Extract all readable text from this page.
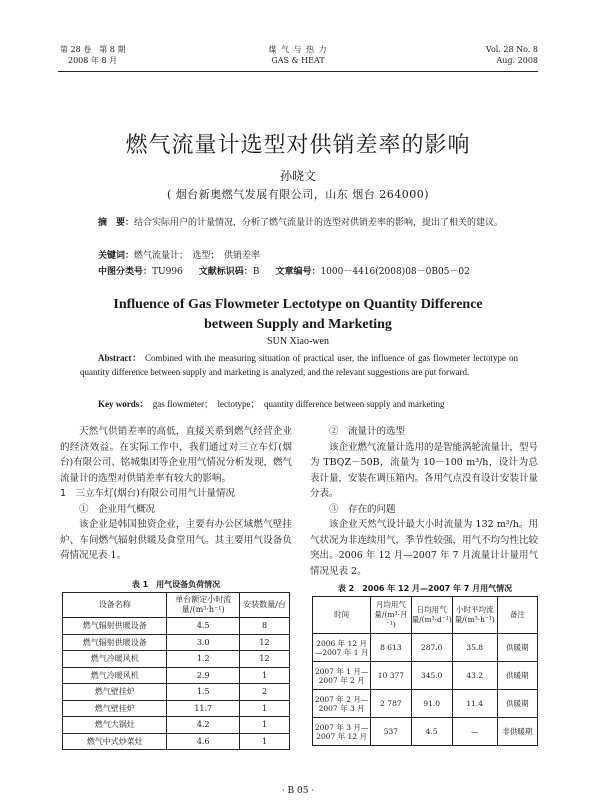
第 28 卷　第 8 期
2008 年 8 月
煤 气 与 热 力
GAS & HEAT
Vol. 28 No. 8
Aug. 2008
燃气流量计选型对供销差率的影响
孙晓文
( 烟台新奥燃气发展有限公司，山东 烟台 264000)
摘　要：结合实际用户的计量情况，分析了燃气流量计的选型对供销差率的影响，提出了相关的建议。
关键词：燃气流量计；　选型；　供销差率
中图分类号：TU996 文献标识码：B 文章编号：1000－4416(2008)08－0B05－02
Influence of Gas Flowmeter Lectotype on Quantity Difference
between Supply and Marketing
SUN Xiao-wen
Abstract： Combined with the measuring situation of practical user, the influence of gas flowmeter lectotype on quantity difference between supply and marketing is analyzed, and the relevant suggestions are put forward.
Key words： gas flowmeter；　lectotype；　quantity difference between supply and marketing

天然气供销差率的高低，直接关系到燃气经营企业的经济效益。在实际工作中，我们通过对三立车灯(烟台)有限公司、铭城集团等企业用气情况分析发现，燃气流量计的选型对供销差率有较大的影响。

1　三立车灯(烟台)有限公司用气计量情况

①　企业用气概况

该企业是韩国独资企业，主要有办公区域燃气壁挂炉、车间燃气辐射供暖及食堂用气。其主要用气设备负荷情况见表 1。

表 1　用气设备负荷情况
设备名称	单台额定小时流量/(m³·h⁻¹)	安装数量/台
燃气辐射供暖设备	4.5	8
燃气辐射供暖设备	3.0	12
燃气冷暖风机	1.2	12
燃气冷暖风机	2.9	1
燃气壁挂炉	1.5	2
燃气壁挂炉	11.7	1
燃气大锅灶	4.2	1
燃气中式炒菜灶	4.6	1

②　流量计的选型

该企业燃气流量计选用的是智能涡轮流量计，型号为 TBQZ－50B，流量为 10－100 m³/h，设计为总表计量，安装在调压箱内。各用气点没有设计安装计量分表。

③　存在的问题

该企业天然气设计最大小时流量为 132 m³/h。用气状况为非连续用气，季节性较强，用气不均匀性比较突出。2006 年 12 月—2007 年 7 月流量计计量用气情况见表 2。

表 2　2006 年 12 月—2007 年 7 月用气情况
时间	月均用气量/(m³·月⁻¹)	日均用气量/(m³·d⁻¹)	小时平均流量/(m³·h⁻¹)	备注
2006 年 12 月—2007 年 1 月	8 613	287.0	35.8	供暖期
2007 年 1 月—2007 年 2 月	10 377	345.0	43.2	供暖期
2007 年 2 月—2007 年 3 月	2 787	91.0	11.4	供暖期
2007 年 3 月—2007 年 12 月	537	4.5	—	非供暖期
· B 05 ·
